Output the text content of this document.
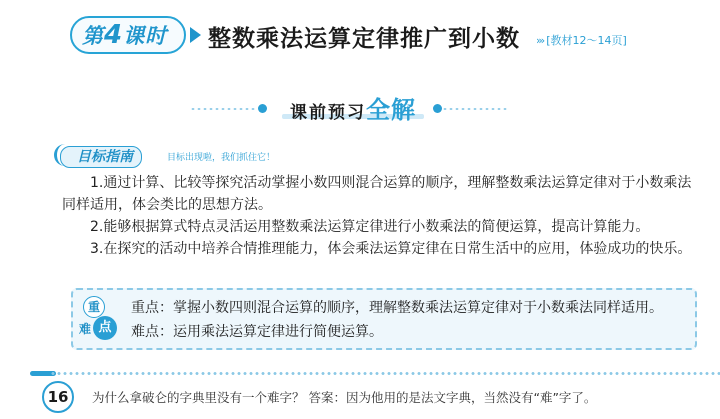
第4课时 整数乘法运算定律推广到小数 ››› [教材12～14页]
课前预习全解
目标指南	目标出现啦，我们抓住它！
1.通过计算、比较等探究活动掌握小数四则混合运算的顺序，理解整数乘法运算定律对于小数乘法同样适用，体会类比的思想方法。
2.能够根据算式特点灵活运用整数乘法运算定律进行小数乘法的简便运算，提高计算能力。
3.在探究的活动中培养合情推理能力，体会乘法运算定律在日常生活中的应用，体验成功的快乐。
重
难 点
重点：掌握小数四则混合运算的顺序，理解整数乘法运算定律对于小数乘法同样适用。
难点：运用乘法运算定律进行简便运算。
16	为什么拿破仑的字典里没有一个难字？ 答案：因为他用的是法文字典，当然没有“难”字了。
